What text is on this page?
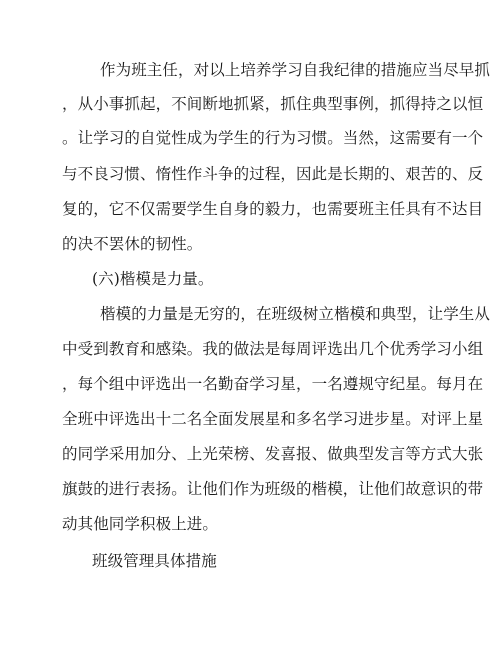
作为班主任，对以上培养学习自我纪律的措施应当尽早抓
，从小事抓起，不间断地抓紧，抓住典型事例，抓得持之以恒
。让学习的自觉性成为学生的行为习惯。当然，这需要有一个
与不良习惯、惰性作斗争的过程，因此是长期的、艰苦的、反
复的，它不仅需要学生自身的毅力，也需要班主任具有不达目
的决不罢休的韧性。
(六)楷模是力量。
楷模的力量是无穷的，在班级树立楷模和典型，让学生从
中受到教育和感染。我的做法是每周评选出几个优秀学习小组
，每个组中评选出一名勤奋学习星，一名遵规守纪星。每月在
全班中评选出十二名全面发展星和多名学习进步星。对评上星
的同学采用加分、上光荣榜、发喜报、做典型发言等方式大张
旗鼓的进行表扬。让他们作为班级的楷模，让他们故意识的带
动其他同学积极上进。
班级管理具体措施
